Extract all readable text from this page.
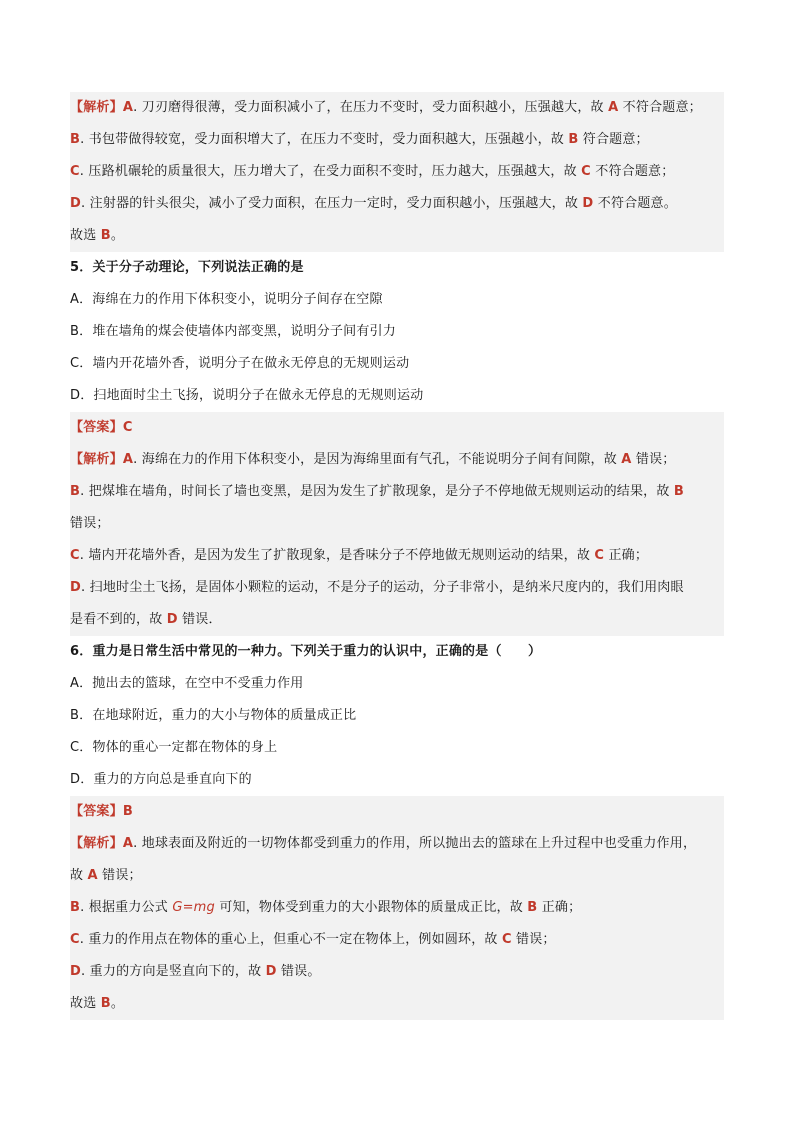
【解析】A. 刀刃磨得很薄，受力面积减小了，在压力不变时，受力面积越小，压强越大，故 A 不符合题意；
B. 书包带做得较宽，受力面积增大了，在压力不变时，受力面积越大，压强越小，故 B 符合题意；
C. 压路机碾轮的质量很大，压力增大了，在受力面积不变时，压力越大，压强越大，故 C 不符合题意；
D. 注射器的针头很尖，减小了受力面积，在压力一定时，受力面积越小，压强越大，故 D 不符合题意。
故选 B。
5．关于分子动理论，下列说法正确的是
A．海绵在力的作用下体积变小，说明分子间存在空隙
B．堆在墙角的煤会使墙体内部变黑，说明分子间有引力
C．墙内开花墙外香，说明分子在做永无停息的无规则运动
D．扫地面时尘土飞扬，说明分子在做永无停息的无规则运动
【答案】C
【解析】A. 海绵在力的作用下体积变小，是因为海绵里面有气孔，不能说明分子间有间隙，故 A 错误；
B. 把煤堆在墙角，时间长了墙也变黑，是因为发生了扩散现象，是分子不停地做无规则运动的结果，故 B
错误；
C. 墙内开花墙外香，是因为发生了扩散现象，是香味分子不停地做无规则运动的结果，故 C 正确；
D. 扫地时尘土飞扬，是固体小颗粒的运动，不是分子的运动，分子非常小，是纳米尺度内的，我们用肉眼
是看不到的，故 D 错误．
6．重力是日常生活中常见的一种力。下列关于重力的认识中，正确的是（　　）
A．抛出去的篮球，在空中不受重力作用
B．在地球附近，重力的大小与物体的质量成正比
C．物体的重心一定都在物体的身上
D．重力的方向总是垂直向下的
【答案】B
【解析】A. 地球表面及附近的一切物体都受到重力的作用，所以抛出去的篮球在上升过程中也受重力作用，
故 A 错误；
B. 根据重力公式 G=mg 可知，物体受到重力的大小跟物体的质量成正比，故 B 正确；
C. 重力的作用点在物体的重心上，但重心不一定在物体上，例如圆环，故 C 错误；
D. 重力的方向是竖直向下的，故 D 错误。
故选 B。
